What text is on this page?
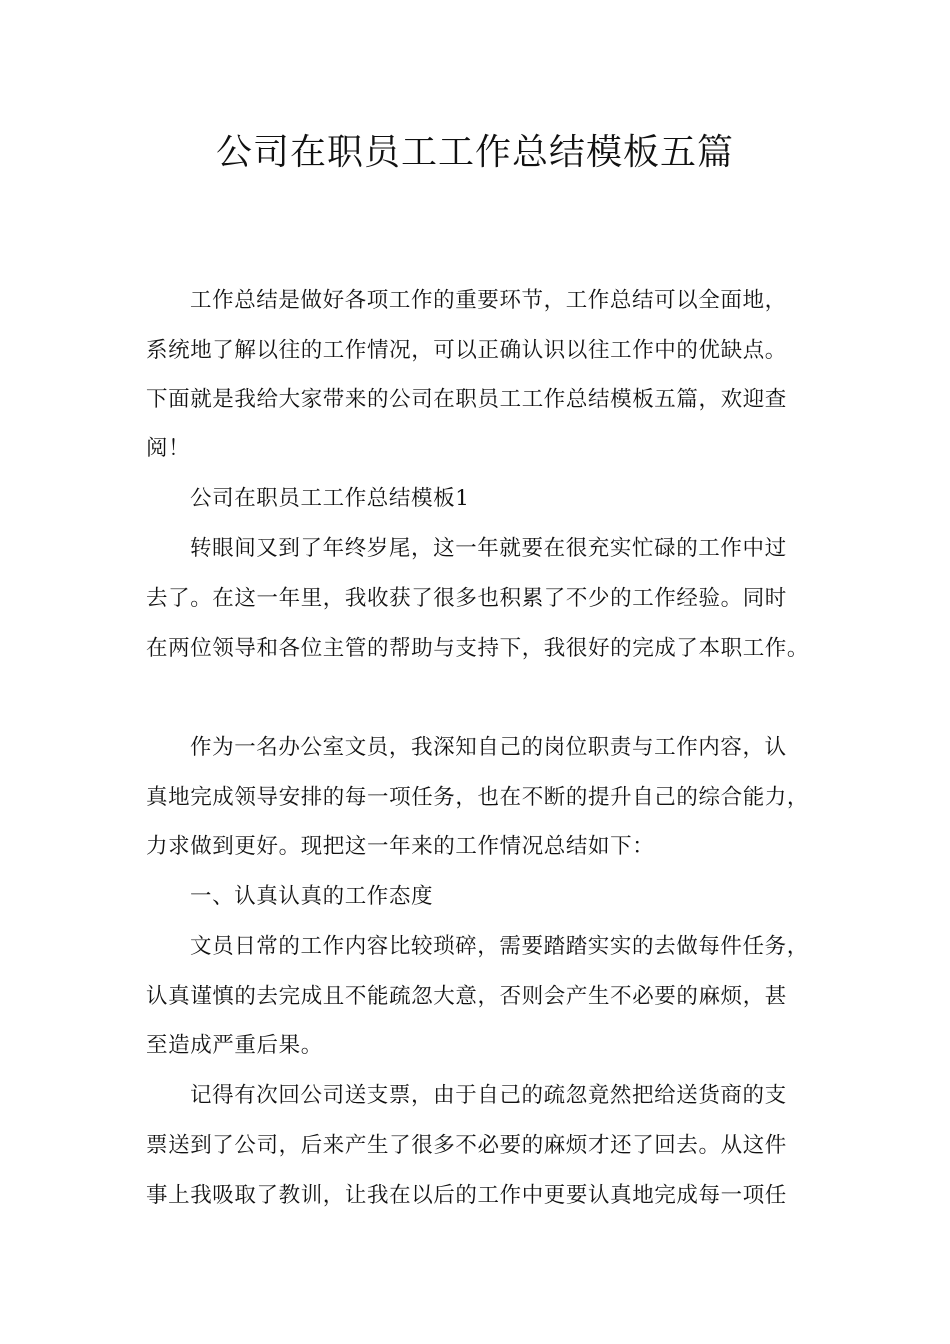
公司在职员工工作总结模板五篇
工作总结是做好各项工作的重要环节，工作总结可以全面地，
系统地了解以往的工作情况，可以正确认识以往工作中的优缺点。
下面就是我给大家带来的公司在职员工工作总结模板五篇，欢迎查
阅！
公司在职员工工作总结模板1
转眼间又到了年终岁尾，这一年就要在很充实忙碌的工作中过
去了。在这一年里，我收获了很多也积累了不少的工作经验。同时
在两位领导和各位主管的帮助与支持下，我很好的完成了本职工作。
作为一名办公室文员，我深知自己的岗位职责与工作内容，认
真地完成领导安排的每一项任务，也在不断的提升自己的综合能力，
力求做到更好。现把这一年来的工作情况总结如下：
一、认真认真的工作态度
文员日常的工作内容比较琐碎，需要踏踏实实的去做每件任务，
认真谨慎的去完成且不能疏忽大意，否则会产生不必要的麻烦，甚
至造成严重后果。
记得有次回公司送支票，由于自己的疏忽竟然把给送货商的支
票送到了公司，后来产生了很多不必要的麻烦才还了回去。从这件
事上我吸取了教训，让我在以后的工作中更要认真地完成每一项任
